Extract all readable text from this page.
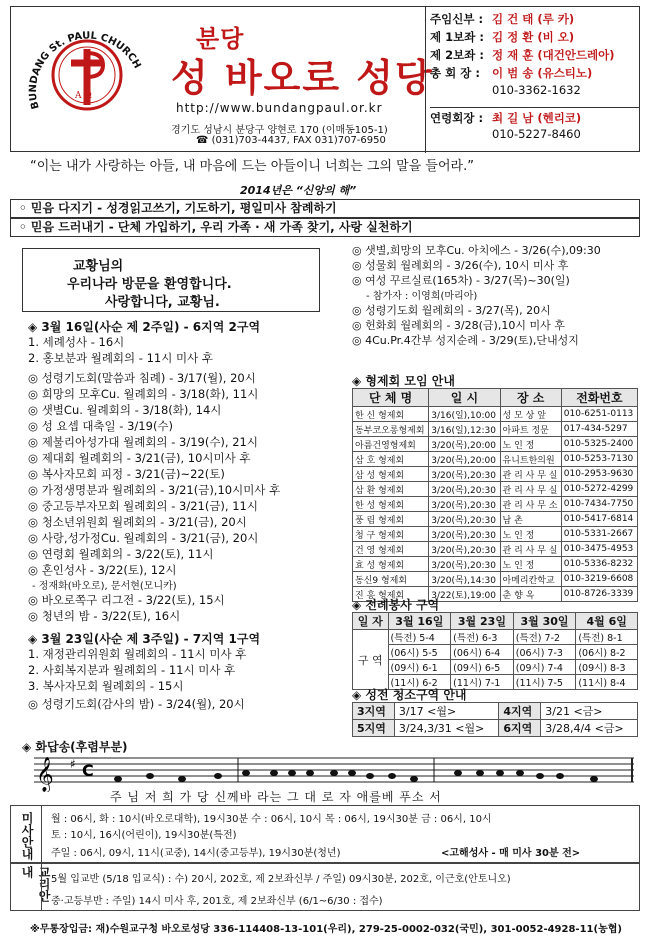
A Ω
BUNDANG St. PAUL CHURCH
분당
성 바오로 성당
http://www.bundangpaul.or.kr
경기도 성남시 분당구 양현로 170 (이매동105-1)
☎ (031)703-4437, FAX 031)707-6950
주임신부 : 김 건 태 (루 카)
제 1보좌 : 김 정 환 (비 오)
제 2보좌 : 정 재 훈 (대건안드레아)
총 회 장 : 이 범 송 (유스티노)
010-3362-1632
연령회장 : 최 길 남 (헨리코)
010-5227-8460
“이는 내가 사랑하는 아들, 내 마음에 드는 아들이니 너희는 그의 말을 들어라.”
2014년은 “신앙의 해”
◦ 믿음 다지기 - 성경읽고쓰기, 기도하기, 평일미사 참례하기
◦ 믿음 드러내기 - 단체 가입하기, 우리 가족 · 새 가족 찾기, 사랑 실천하기
교황님의
우리나라 방문을 환영합니다.
사랑합니다, 교황님.
◈ 3월 16일(사순 제 2주일) - 6지역 2구역
1. 세례성사 - 16시
2. 홍보분과 월례회의 - 11시 미사 후
◎ 성령기도회(말씀과 침례) - 3/17(월), 20시
◎ 희망의 모후Cu. 월례회의 - 3/18(화), 11시
◎ 샛별Cu. 월례회의 - 3/18(화), 14시
◎ 성 요셉 대축일 - 3/19(수)
◎ 제불리아성가대 월례회의 - 3/19(수), 21시
◎ 제대회 월례회의 - 3/21(금), 10시미사 후
◎ 복사자모회 피정 - 3/21(금)~22(토)
◎ 가정생명분과 월례회의 - 3/21(금),10시미사 후
◎ 중고등부자모회 월례회의 - 3/21(금), 11시
◎ 청소년위원회 월례회의 - 3/21(금), 20시
◎ 사랑,성가정Cu. 월례회의 - 3/21(금), 20시
◎ 연령회 월례회의 - 3/22(토), 11시
◎ 혼인성사 - 3/22(토), 12시
- 정재화(바오로), 문서현(모니카)
◎ 바오로쪽구 리그전 - 3/22(토), 15시
◎ 청년의 밤 - 3/22(토), 16시
◈ 3월 23일(사순 제 3주일) - 7지역 1구역
1. 재정관리위원회 월례회의 - 11시 미사 후
2. 사회복지분과 월례회의 - 11시 미사 후
3. 복사자모회 월례회의 - 15시
◎ 성령기도회(감사의 밤) - 3/24(월), 20시
◎ 샛별,희망의 모후Cu. 아치에스 - 3/26(수),09:30
◎ 성물회 월례회의 - 3/26(수), 10시 미사 후
◎ 여성 꾸르실료(165차) - 3/27(목)~30(일)
- 참가자 : 이영희(마리아)
◎ 성령기도회 월례회의 - 3/27(목), 20시
◎ 헌화회 월례회의 - 3/28(금),10시 미사 후
◎ 4Cu.Pr.4간부 성지순례 - 3/29(토),단내성지
◈ 형제회 모임 안내
단 체 명	일 시	장 소	전화번호
한 신 형제회	3/16(일),10:00	성 모 상 앞	010-6251-0113
동부코오롱형제회	3/16(일),12:30	아파트 정문	017-434-5297
아름건영형제회	3/20(목),20:00	노 인 정	010-5325-2400
삼 호 형제회	3/20(목),20:00	유니트한의원	010-5253-7130
삼 성 형제회	3/20(목),20:30	관 리 사 무 실	010-2953-9630
삼 환 형제회	3/20(목),20:30	관 리 사 무 실	010-5272-4299
한 성 형제회	3/20(목),20:30	관 리 사 무 소	010-7434-7750
풍 림 형제회	3/20(목),20:30	남 촌	010-5417-6814
청 구 형제회	3/20(목),20:30	노 인 정	010-5331-2667
건 영 형제회	3/20(목),20:30	관 리 사 무 실	010-3475-4953
효 성 형제회	3/20(목),20:30	노 인 정	010-5336-8232
동신9 형제회	3/20(목),14:30	아메리칸학교	010-3219-6608
진 흥 형제회	3/22(토),19:00	춘 향 옥	010-8726-3339
◈ 전례봉사 구역
일 자	3월 16일	3월 23일	3월 30일	4월 6일
구 역	(특전) 5-4	(특전) 6-3	(특전) 7-2	(특전) 8-1
	(06시) 5-5	(06시) 6-4	(06시) 7-3	(06시) 8-2
	(09시) 6-1	(09시) 6-5	(09시) 7-4	(09시) 8-3
	(11시) 6-2	(11시) 7-1	(11시) 7-5	(11시) 8-4
◈ 성전 청소구역 안내
3지역	3/17 <월>	4지역	3/21 <금>
5지역	3/24,3/31 <월>	6지역	3/28,4/4 <금>
◈ 화답송(후렴부분)
𝄞 ♯ C
주 님 저 희 가 당 신께바 라는 그 대 로 자 애를베 푸소 서
미사안내 월 : 06시, 화 : 10시(바오로대학), 19시30분 수 : 06시, 10시 목 : 06시, 19시30분 금 : 06시, 10시
토 : 10시, 16시(어린이), 19시30분(특전)
주일 : 06시, 09시, 11시(교중), 14시(중고등부), 19시30분(청년)	<고해성사 - 매 미사 30분 전>
교리안내
5월 입교반 (5/18 입교식) : 수) 20시, 202호, 제 2보좌신부 / 주일) 09시30분, 202호, 이근호(안토니오)
중·고등부반 : 주일) 14시 미사 후, 201호, 제 2보좌신부 (6/1~6/30 : 접수)
※무통장입금: 재)수원교구청 바오로성당 336-114408-13-101(우리), 279-25-0002-032(국민), 301-0052-4928-11(농협)
